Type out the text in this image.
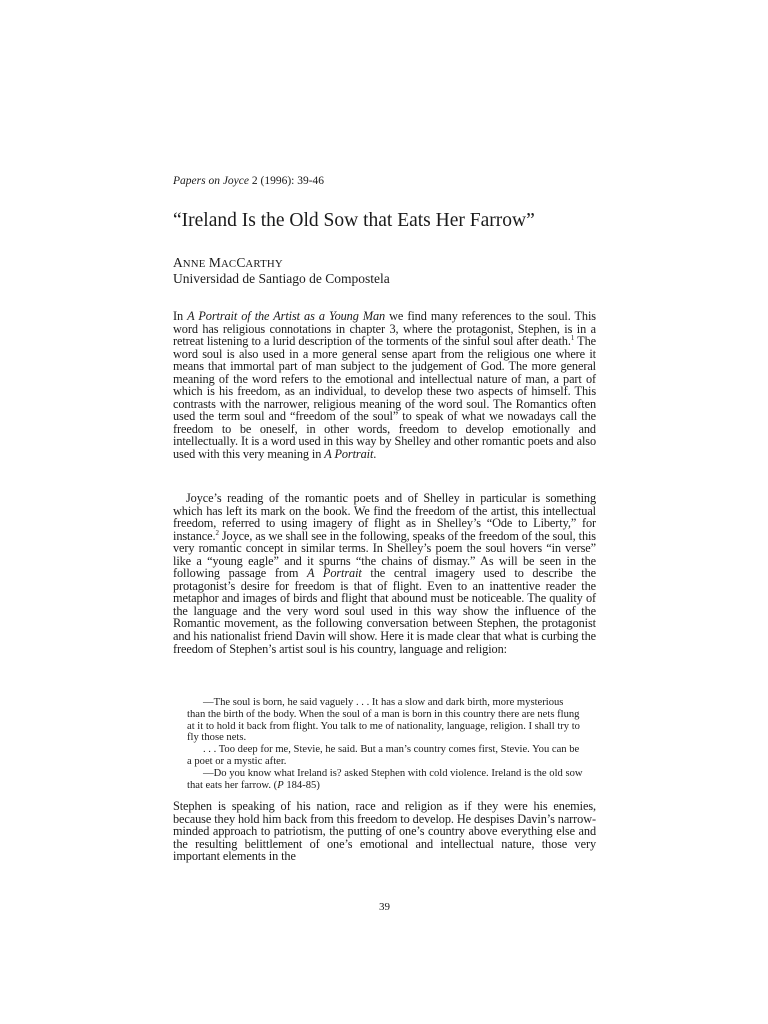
Papers on Joyce 2 (1996): 39-46
“Ireland Is the Old Sow that Eats Her Farrow”
ANNE MACCARTHY
Universidad de Santiago de Compostela

In A Portrait of the Artist as a Young Man we find many references to the soul. This word has religious connotations in chapter 3, where the protagonist, Stephen, is in a retreat listening to a lurid description of the torments of the sinful soul after death.$^1$ The word soul is also used in a more general sense apart from the religious one where it means that immortal part of man subject to the judgement of God. The more general meaning of the word refers to the emotional and intellectual nature of man, a part of which is his freedom, as an individual, to develop these two aspects of himself. This contrasts with the narrower, religious meaning of the word soul. The Romantics often used the term soul and “freedom of the soul” to speak of what we nowadays call the freedom to be oneself, in other words, freedom to develop emotionally and intellectually. It is a word used in this way by Shelley and other romantic poets and also used with this very meaning in A Portrait.

Joyce’s reading of the romantic poets and of Shelley in particular is something which has left its mark on the book. We find the freedom of the artist, this intellectual freedom, referred to using imagery of flight as in Shelley’s “Ode to Liberty,” for instance.$^2$ Joyce, as we shall see in the following, speaks of the freedom of the soul, this very romantic concept in similar terms. In Shelley’s poem the soul hovers “in verse” like a “young eagle” and it spurns “the chains of dismay.” As will be seen in the following passage from A Portrait the central imagery used to describe the protagonist’s desire for freedom is that of flight. Even to an inattentive reader the metaphor and images of birds and flight that abound must be noticeable. The quality of the language and the very word soul used in this way show the influence of the Romantic movement, as the following conversation between Stephen, the protagonist and his nationalist friend Davin will show. Here it is made clear that what is curbing the freedom of Stephen’s artist soul is his country, language and religion:

—The soul is born, he said vaguely . . . It has a slow and dark birth, more mysterious than the birth of the body. When the soul of a man is born in this country there are nets flung at it to hold it back from flight. You talk to me of nationality, language, religion. I shall try to fly those nets.

. . . Too deep for me, Stevie, he said. But a man’s country comes first, Stevie. You can be a poet or a mystic after.

—Do you know what Ireland is? asked Stephen with cold violence. Ireland is the old sow that eats her farrow. (P 184-85)

Stephen is speaking of his nation, race and religion as if they were his enemies, because they hold him back from this freedom to develop. He despises Davin’s narrow-minded approach to patriotism, the putting of one’s country above everything else and the resulting belittlement of one’s emotional and intellectual nature, those very important elements in the

39
